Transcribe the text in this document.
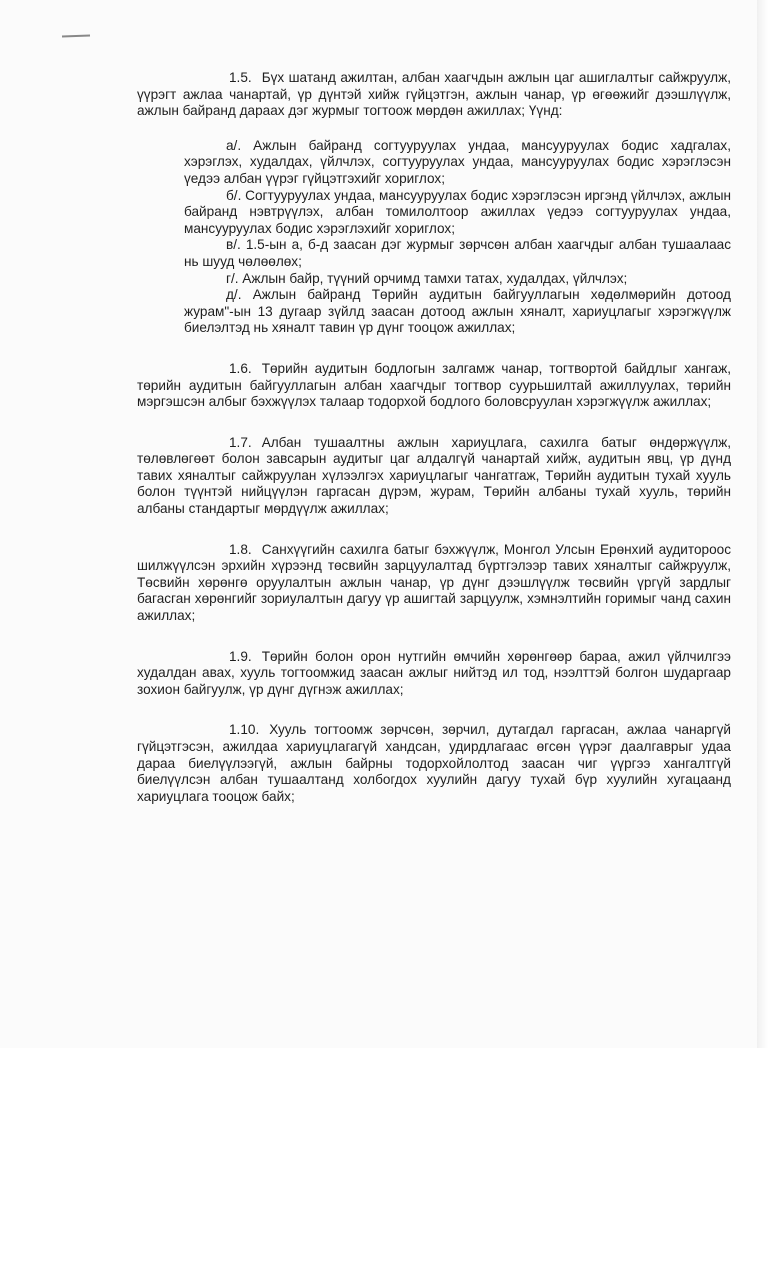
1.5. Бүх шатанд ажилтан, албан хаагчдын ажлын цаг ашиглалтыг сайжруулж, үүрэгт ажлаа чанартай, үр дүнтэй хийж гүйцэтгэн, ажлын чанар, үр өгөөжийг дээшлүүлж, ажлын байранд дараах дэг журмыг тогтоож мөрдөн ажиллах; Үүнд:

а/. Ажлын байранд согтууруулах ундаа, мансууруулах бодис хадгалах, хэрэглэх, худалдах, үйлчлэх, согтууруулах ундаа, мансууруулах бодис хэрэглэсэн үедээ албан үүрэг гүйцэтгэхийг хориглох;

б/. Согтууруулах ундаа, мансууруулах бодис хэрэглэсэн иргэнд үйлчлэх, ажлын байранд нэвтрүүлэх, албан томилолтоор ажиллах үедээ согтууруулах ундаа, мансууруулах бодис хэрэглэхийг хориглох;

в/. 1.5-ын а, б-д заасан дэг журмыг зөрчсөн албан хаагчдыг албан тушаалаас нь шууд чөлөөлөх;

г/. Ажлын байр, түүний орчимд тамхи татах, худалдах, үйлчлэх;

д/. Ажлын байранд Төрийн аудитын байгууллагын хөдөлмөрийн дотоод журам"-ын 13 дугаар зүйлд заасан дотоод ажлын хяналт, хариуцлагыг хэрэгжүүлж биелэлтэд нь хяналт тавин үр дүнг тооцож ажиллах;

1.6. Төрийн аудитын бодлогын залгамж чанар, тогтвортой байдлыг хангаж, төрийн аудитын байгууллагын албан хаагчдыг тогтвор суурьшилтай ажиллуулах, төрийн мэргэшсэн албыг бэхжүүлэх талаар тодорхой бодлого боловсруулан хэрэгжүүлж ажиллах;
1.7. Албан тушаалтны ажлын хариуцлага, сахилга батыг өндөржүүлж, төлөвлөгөөт болон завсарын аудитыг цаг алдалгүй чанартай хийж, аудитын явц, үр дүнд тавих хяналтыг сайжруулан хүлээлгэх хариуцлагыг чангатгаж, Төрийн аудитын тухай хууль болон түүнтэй нийцүүлэн гаргасан дүрэм, журам, Төрийн албаны тухай хууль, төрийн албаны стандартыг мөрдүүлж ажиллах;
1.8. Санхүүгийн сахилга батыг бэхжүүлж, Монгол Улсын Ерөнхий аудитороос шилжүүлсэн эрхийн хүрээнд төсвийн зарцуулалтад бүртгэлээр тавих хяналтыг сайжруулж, Төсвийн хөрөнгө оруулалтын ажлын чанар, үр дүнг дээшлүүлж төсвийн үргүй зардлыг багасган хөрөнгийг зориулалтын дагуу үр ашигтай зарцуулж, хэмнэлтийн горимыг чанд сахин ажиллах;
1.9. Төрийн болон орон нутгийн өмчийн хөрөнгөөр бараа, ажил үйлчилгээ худалдан авах, хууль тогтоомжид заасан ажлыг нийтэд ил тод, нээлттэй болгон шударгаар зохион байгуулж, үр дүнг дүгнэж ажиллах;
1.10. Хууль тогтоомж зөрчсөн, зөрчил, дутагдал гаргасан, ажлаа чанаргүй гүйцэтгэсэн, ажилдаа хариуцлагагүй хандсан, удирдлагаас өгсөн үүрэг даалгаврыг удаа дараа биелүүлээгүй, ажлын байрны тодорхойлолтод заасан чиг үүргээ хангалтгүй биелүүлсэн албан тушаалтанд холбогдох хуулийн дагуу тухай бүр хуулийн хугацаанд хариуцлага тооцож байх;
